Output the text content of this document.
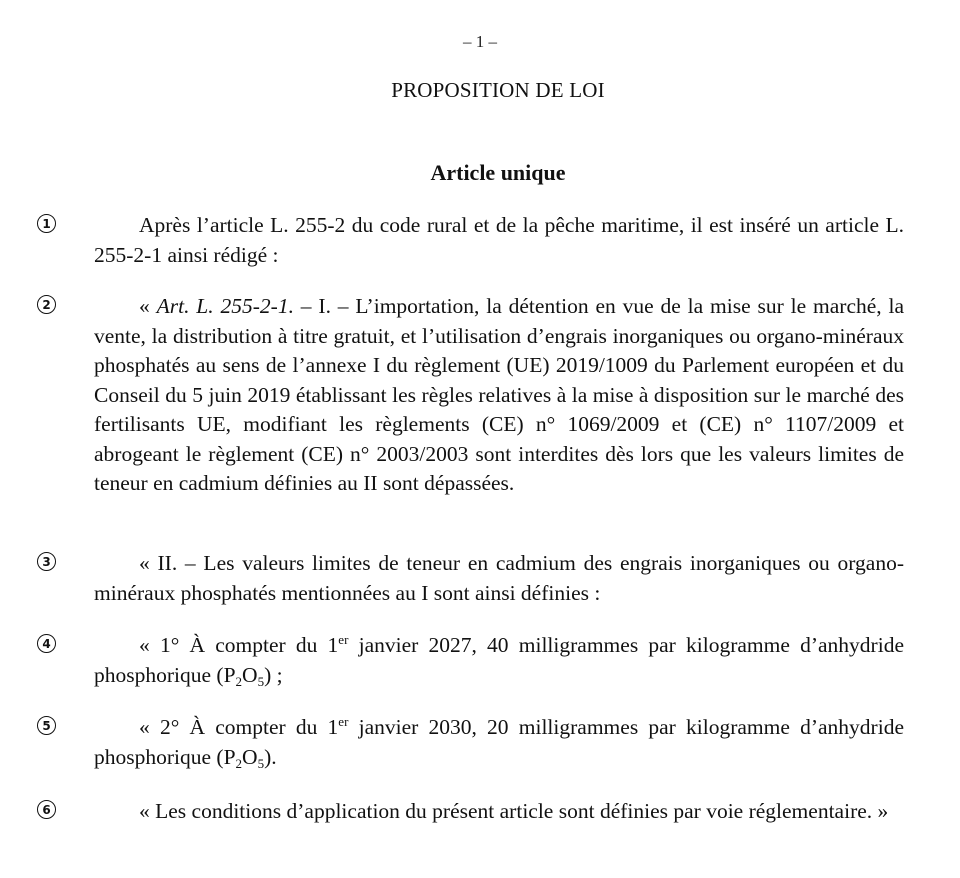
– 1 –
PROPOSITION DE LOI
Article unique
1	Après l’article L. 255-2 du code rural et de la pêche maritime, il est inséré un article L. 255-2-1 ainsi rédigé :
2	« Art. L. 255-2-1. – I. – L’importation, la détention en vue de la mise sur le marché, la vente, la distribution à titre gratuit, et l’utilisation d’engrais inorganiques ou organo-minéraux phosphatés au sens de l’annexe I du règlement (UE) 2019/1009 du Parlement européen et du Conseil du 5 juin 2019 établissant les règles relatives à la mise à disposition sur le marché des fertilisants UE, modifiant les règlements (CE) n° 1069/2009 et (CE) n° 1107/2009 et abrogeant le règlement (CE) n° 2003/2003 sont interdites dès lors que les valeurs limites de teneur en cadmium définies au II sont dépassées.
3	« II. – Les valeurs limites de teneur en cadmium des engrais inorganiques ou organo-minéraux phosphatés mentionnées au I sont ainsi définies :
4	« 1° À compter du 1er janvier 2027, 40 milligrammes par kilogramme d’anhydride phosphorique $(P_2O_5)$ ;
5	« 2° À compter du 1er janvier 2030, 20 milligrammes par kilogramme d’anhydride phosphorique $(P_2O_5)$.
6	« Les conditions d’application du présent article sont définies par voie réglementaire. »
